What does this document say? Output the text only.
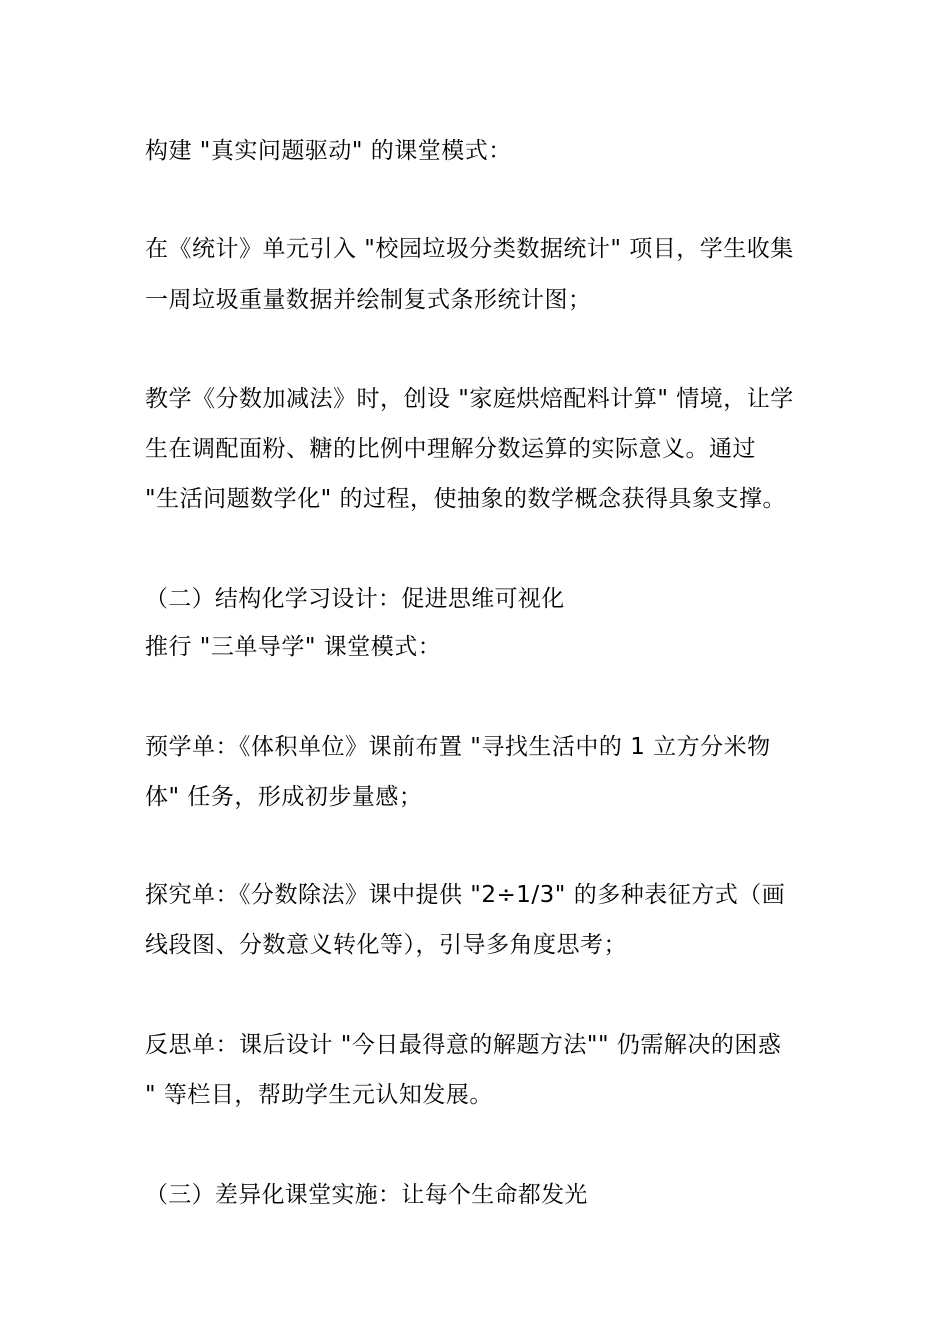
构建 "真实问题驱动" 的课堂模式：
在《统计》单元引入 "校园垃圾分类数据统计" 项目，学生收集
一周垃圾重量数据并绘制复式条形统计图；
教学《分数加减法》时，创设 "家庭烘焙配料计算" 情境，让学
生在调配面粉、糖的比例中理解分数运算的实际意义。通过
"生活问题数学化" 的过程，使抽象的数学概念获得具象支撑。
（二）结构化学习设计：促进思维可视化
推行 "三单导学" 课堂模式：
预学单：《体积单位》课前布置 "寻找生活中的 1 立方分米物
体" 任务，形成初步量感；
探究单：《分数除法》课中提供 "2÷1/3" 的多种表征方式（画
线段图、分数意义转化等），引导多角度思考；
反思单：课后设计 "今日最得意的解题方法"" 仍需解决的困惑
" 等栏目，帮助学生元认知发展。
（三）差异化课堂实施：让每个生命都发光
